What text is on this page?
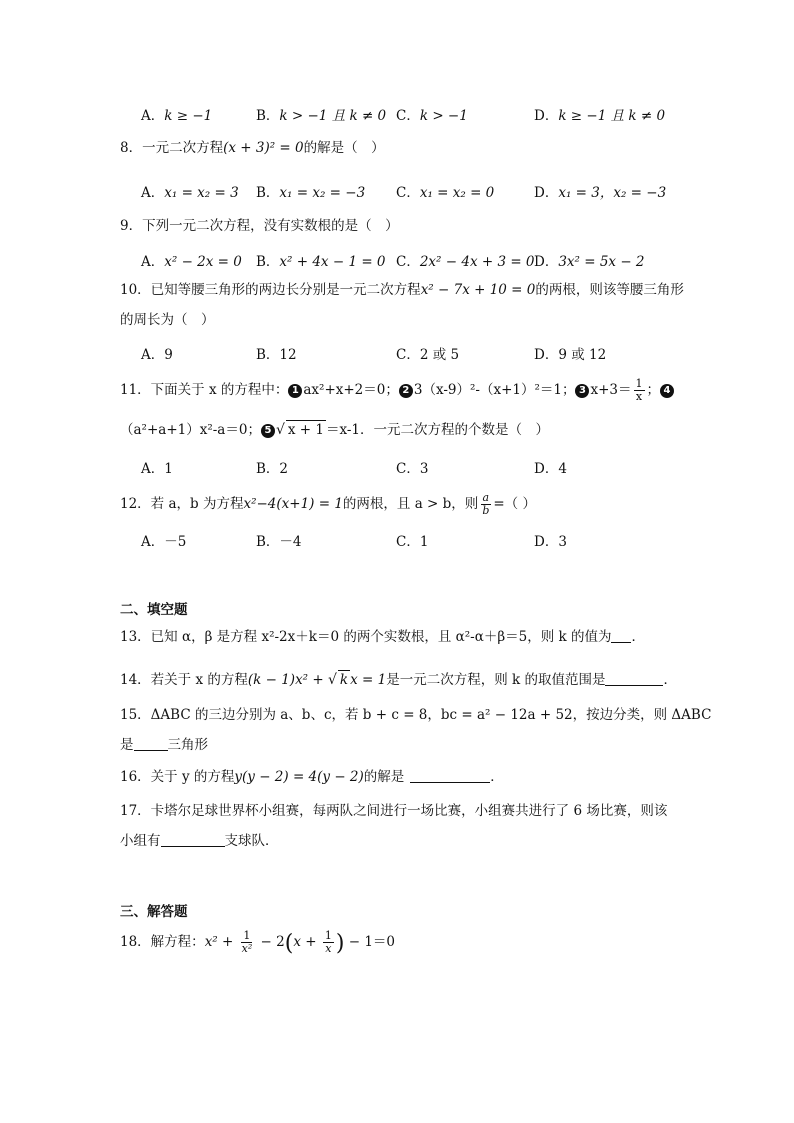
A．k ≥ −1	B．k > −1 且 k ≠ 0 C．k > −1	D．k ≥ −1 且 k ≠ 0
8．一元二次方程(x + 3)² = 0的解是（　）
A．x₁ = x₂ = 3 B．x₁ = x₂ = −3 C．x₁ = x₂ = 0	D．x₁ = 3，x₂ = −3
9．下列一元二次方程，没有实数根的是（　）
A．x² − 2x = 0 B．x² + 4x − 1 = 0 C．2x² − 4x + 3 = 0 D．3x² = 5x − 2
10．已知等腰三角形的两边长分别是一元二次方程x² − 7x + 10 = 0的两根，则该等腰三角形
的周长为（　）
A．9	B．12	C．2 或 5	D．9 或 12
11．下面关于 x 的方程中： 1 ax²+x+2＝0； 2 3（x-9）²-（x+1）²＝1； 3 $x+3= \frac{1}{x}$ ； 4
（a²+a+1）x²-a＝0； 5 √ x + 1 ＝x-1．一元二次方程的个数是（　）
A．1	B．2	C．3	D．4
12．若 a，b 为方程x²−4(x+1) = 1的两根，且 a > b，则 $\frac{a}{b}$ =（ ）
A．－5	B．－4	C．1	D．3
二、填空题
13．已知 α，β 是方程 x²-2x＋k＝0 的两个实数根，且 α²-α＋β＝5，则 k 的值为 ．
14．若关于 x 的方程(k − 1)x² + √ k x = 1是一元二次方程，则 k 的取值范围是	．
15．ΔABC 的三边分别为 a、b、c，若 b + c = 8，bc = a² − 12a + 52，按边分类，则 ΔABC
是	三角形
16．关于 y 的方程y(y − 2) = 4(y − 2)的解是	．
17．卡塔尔足球世界杯小组赛，每两队之间进行一场比赛，小组赛共进行了 6 场比赛，则该
小组有	支球队．
三、解答题
18．解方程：$x^2 + \frac{1}{\text{x²}} - 2(x + \frac{1}{x}$ ) − 1＝0
